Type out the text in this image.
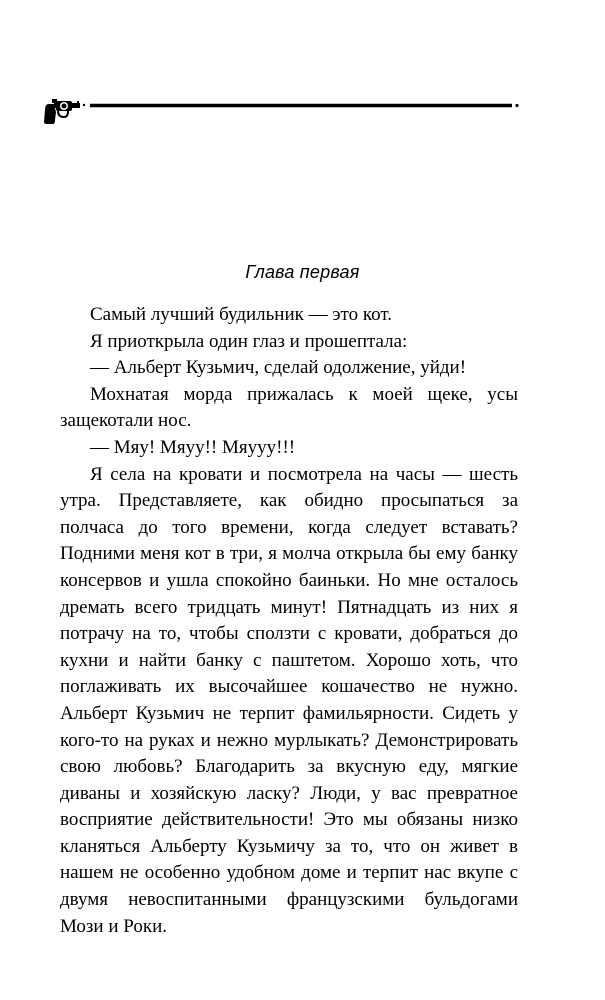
Глава первая

Самый лучший будильник — это кот.

Я приоткрыла один глаз и прошептала:

— Альберт Кузьмич, сделай одолжение, уйди!

Мохнатая морда прижалась к моей щеке, усы защекотали нос.

— Мяу! Мяуу!! Мяууу!!!

Я села на кровати и посмотрела на часы — шесть утра. Представляете, как обидно просыпаться за полчаса до того времени, когда следует вставать? Подними меня кот в три, я молча открыла бы ему банку консервов и ушла спокойно баиньки. Но мне осталось дремать всего тридцать минут! Пятнадцать из них я потрачу на то, чтобы сползти с кровати, добраться до кухни и найти банку с паштетом. Хорошо хоть, что поглаживать их высочайшее кошачество не нужно. Альберт Кузьмич не терпит фамильярности. Сидеть у кого-то на руках и нежно мурлыкать? Демонстрировать свою любовь? Благодарить за вкусную еду, мягкие диваны и хозяйскую ласку? Люди, у вас превратное восприятие действительности! Это мы обязаны низко кланяться Альберту Кузьмичу за то, что он живет в нашем не особенно удобном доме и терпит нас вкупе с двумя невоспитанными французскими бульдогами Мози и Роки.
